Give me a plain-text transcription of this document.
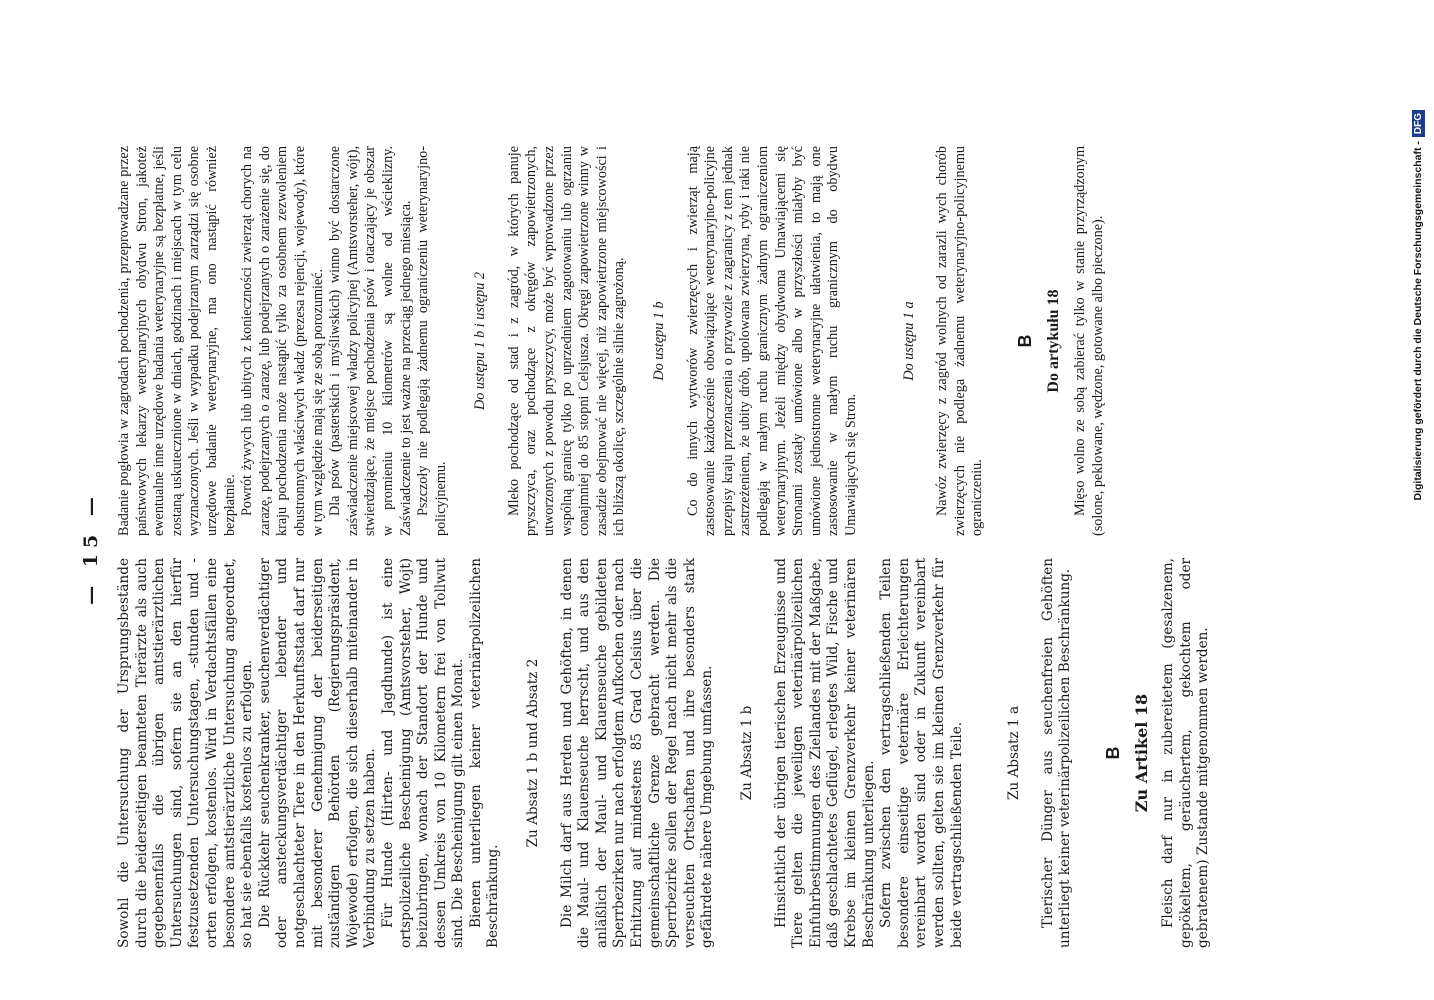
— 15 —

Sowohl die Untersuchung der Ursprungsbestände durch die beiderseitigen beamteten Tierärzte als auch gegebenenfalls die übrigen amtstierärztlichen Untersuchungen sind, sofern sie an den hierfür festzusetzenden Untersuchungstagen, -stunden und -orten erfolgen, kostenlos. Wird in Verdachtsfällen eine besondere amtstierärztliche Untersuchung angeordnet, so hat sie ebenfalls kostenlos zu erfolgen. Die Rückkehr seuchenkranker, seuchenverdächtiger oder ansteckungsverdächtiger lebender und notgeschlachteter Tiere in den Herkunftsstaat darf nur mit besonderer Genehmigung der beiderseitigen zuständigen Behörden (Regierungspräsident, Wojewode) erfolgen, die sich dieserhalb miteinander in Verbindung zu setzen haben. Für Hunde (Hirten- und Jagdhunde) ist eine ortspolizeiliche Bescheinigung (Amtsvorsteher, Wojt) beizubringen, wonach der Standort der Hunde und dessen Umkreis von 10 Kilometern frei von Tollwut sind. Die Bescheinigung gilt einen Monat. Bienen unterliegen keiner veterinärpolizeilichen Beschränkung.

Zu Absatz 1 b und Absatz 2 Die Milch darf aus Herden und Gehöften, in denen die Maul- und Klauenseuche herrscht, und aus den anläßlich der Maul- und Klauenseuche gebildeten Sperrbezirken nur nach erfolgtem Aufkochen oder nach Erhitzung auf mindestens 85 Grad Celsius über die gemeinschaftliche Grenze gebracht werden. Die Sperrbezirke sollen der Regel nach nicht mehr als die verseuchten Ortschaften und ihre besonders stark gefährdete nähere Umgebung umfassen. Zu Absatz 1 b Hinsichtlich der übrigen tierischen Erzeugnisse und Tiere gelten die jeweiligen veterinärpolizeilichen Einfuhrbestimmungen des Ziellandes mit der Maßgabe, daß geschlachtetes Geflügel, erlegtes Wild, Fische und Krebse im kleinen Grenzverkehr keiner veterinären Beschränkung unterliegen. Sofern zwischen den vertragschließenden Teilen besondere einseitige veterinäre Erleichterungen vereinbart worden sind oder in Zukunft vereinbart werden sollten, gelten sie im kleinen Grenzverkehr für beide vertragschließenden Teile.	Zu Absatz 1 a Tierischer Dünger aus seuchenfreien Gehöften unterliegt keiner veterinärpolizeilichen Beschränkung. B Zu Artikel 18 Fleisch darf nur in zubereitetem (gesalzenem, gepökeltem, geräuchertem, gekochtem oder gebratenem) Zustande mitgenommen werden.

Badanie pogłowia w zagrodach pochodzenia, przeprowadzane przez państwowych lekarzy weterynaryjnych obydwu Stron, jakoteż ewentualne inne urzędowe badania weterynaryjne są bezpłatne, jeśli zostaną uskutecznione w dniach, godzinach i miejscach w tym celu wyznaczonych. Jeśli w wypadku podejrzanym zarządzi się osobne urzędowe badanie weterynaryjne, ma ono nastąpić również bezpłatnie. Powrót żywych lub ubitych z konieczności zwierząt chorych na zarazę, podejrzanych o zarazę, lub podejrzanych o zarażenie się, do kraju pochodzenia może nastąpić tylko za osobnem zezwoleniem obustronnych właściwych władz (prezesa rejencji, wojewody), które w tym względzie mają się ze sobą porozumieć. Dla psów (pasterskich i myśliwskich) winno być dostarczone zaświadczenie miejscowej władzy policyjnej (Amtsvorsteher, wójt), stwierdzające, że miejsce pochodzenia psów i otaczający je obszar w promieniu 10 kilometrów są wolne od wścieklizny. Zaświadczenie to jest ważne na przeciąg jednego miesiąca. Pszczoły nie podlegają żadnemu ograniczeniu weterynaryjno-policyjnemu.

Do ustępu 1 b i ustępu 2 Mleko pochodzące od stad i z zagród, w których panuje pryszczyca, oraz pochodzące z okręgów zapowietrzonych, utworzonych z powodu pryszczycy, może być wprowadzone przez wspólną granicę tylko po uprzedniem zagotowaniu lub ogrzaniu conajmniej do 85 stopni Celsjusza. Okręgi zapowietrzone winny w zasadzie obejmować nie więcej, niż zapowietrzone miejscowości i ich bliższą okolicę, szczególnie silnie zagrożoną. Do ustępu 1 b Co do innych wytworów zwierzęcych i zwierząt mają zastosowanie każdocześnie obowiązujące weterynaryjno-policyjne przepisy kraju przeznaczenia o przywozie z zagranicy z tem jednak zastrzeżeniem, że ubity drób, upolowana zwierzyna, ryby i raki nie podlegają w małym ruchu granicznym żadnym ograniczeniom weterynaryjnym. Jeżeli między obydwoma Umawiającemi się Stronami zostały umówione albo w przyszłości miałyby być umówione jednostronne weterynaryjne ułatwienia, to mają one zastosowanie w małym ruchu granicznym do obydwu Umawiających się Stron.

Do ustępu 1 a Nawóz zwierzęcy z zagród wolnych od zarazli wych chorób zwierzęcych nie podlega żadnemu weterynaryjno-policyjnemu ograniczeniu.

B Do artykułu 18 Mięso wolno ze sobą zabierać tylko w stanie przyrządzonym (solone, peklowane, wędzone, gotowane albo pieczone).	Digitalisierung gefördert durch die Deutsche Forschungsgemeinschaft -DFG
